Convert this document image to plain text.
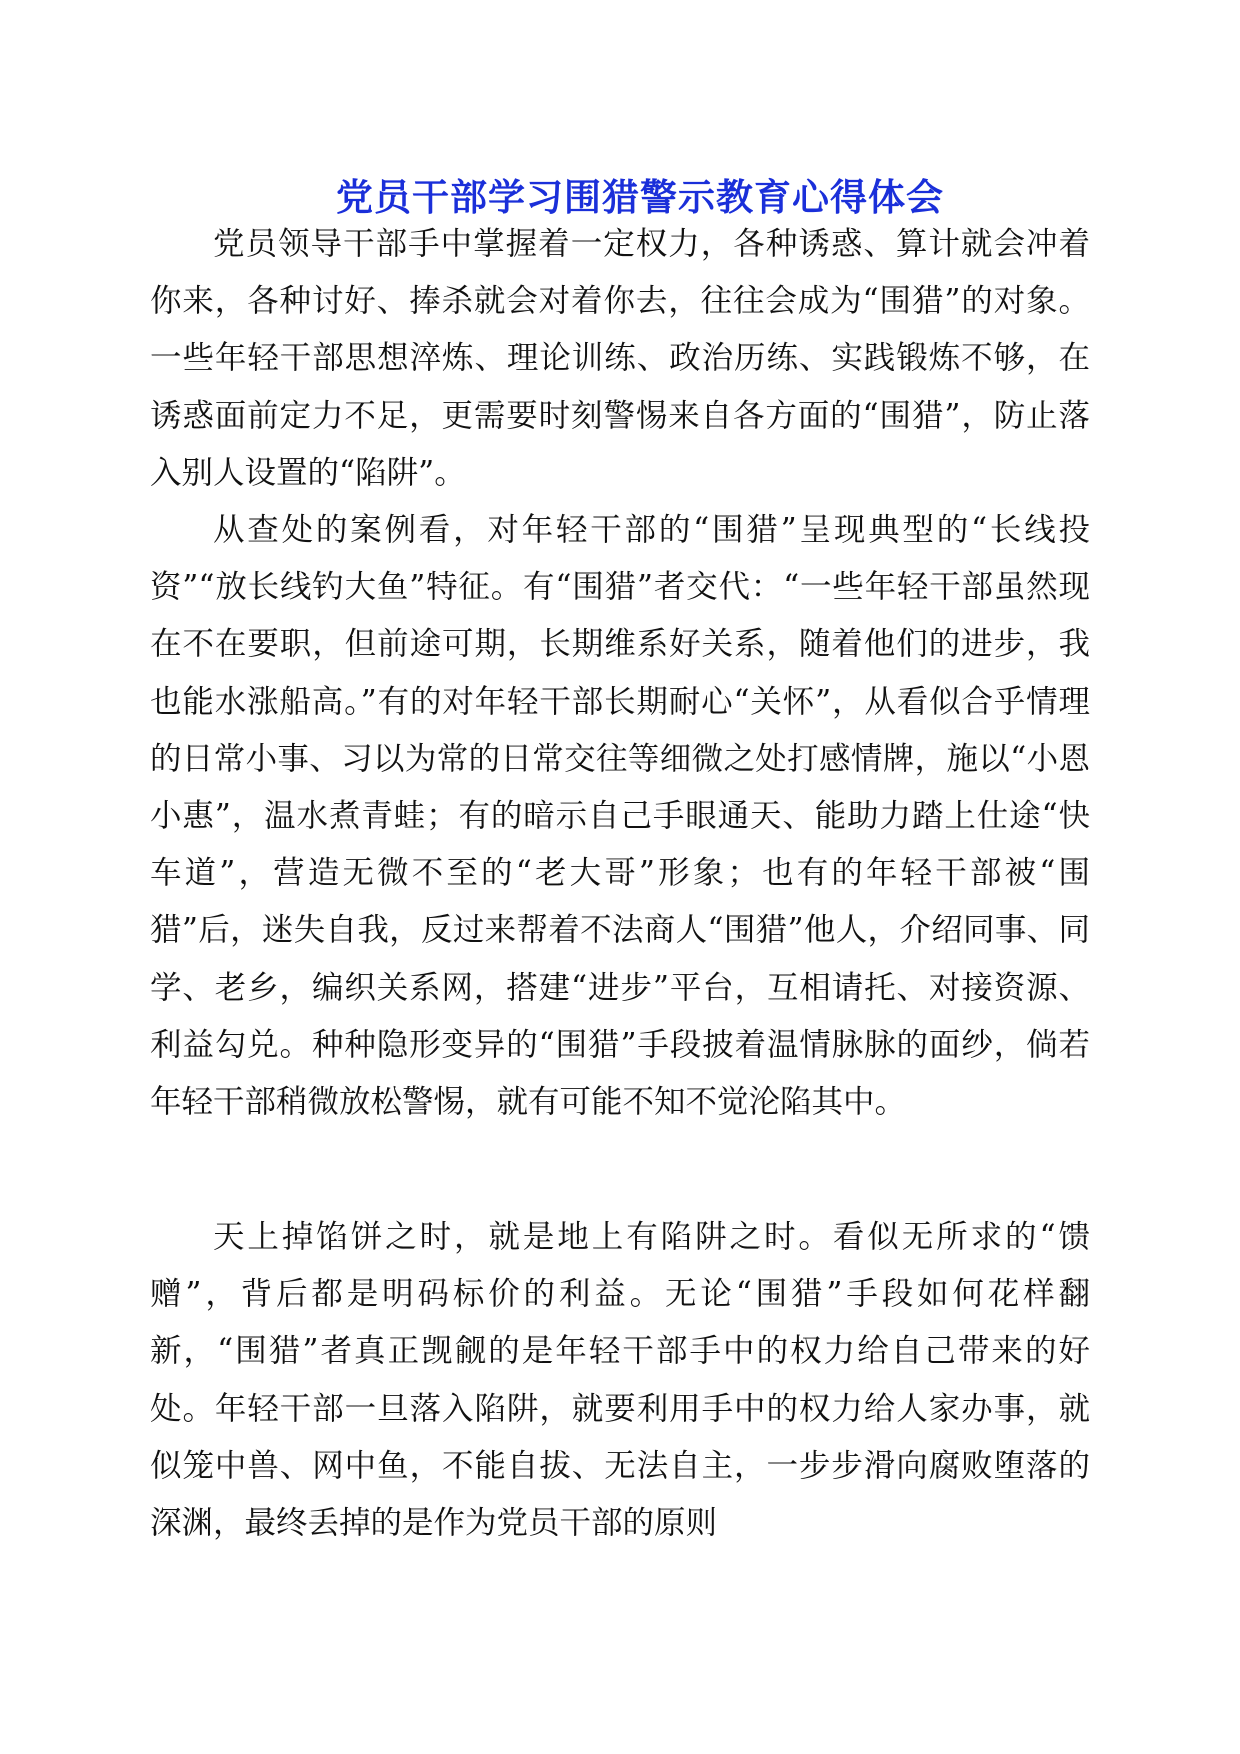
党员干部学习围猎警示教育心得体会

党员领导干部手中掌握着一定权力，各种诱惑、算计就会冲着你来，各种讨好、捧杀就会对着你去，往往会成为“围猎”的对象。一些年轻干部思想淬炼、理论训练、政治历练、实践锻炼不够，在诱惑面前定力不足，更需要时刻警惕来自各方面的“围猎”，防止落入别人设置的“陷阱”。

从查处的案例看，对年轻干部的“围猎”呈现典型的“长线投资”“放长线钓大鱼”特征。有“围猎”者交代：“一些年轻干部虽然现在不在要职，但前途可期，长期维系好关系，随着他们的进步，我也能水涨船高。”有的对年轻干部长期耐心“关怀”，从看似合乎情理的日常小事、习以为常的日常交往等细微之处打感情牌，施以“小恩小惠”，温水煮青蛙；有的暗示自己手眼通天、能助力踏上仕途“快车道”，营造无微不至的“老大哥”形象；也有的年轻干部被“围猎”后，迷失自我，反过来帮着不法商人“围猎”他人，介绍同事、同学、老乡，编织关系网，搭建“进步”平台，互相请托、对接资源、利益勾兑。种种隐形变异的“围猎”手段披着温情脉脉的面纱，倘若年轻干部稍微放松警惕，就有可能不知不觉沦陷其中。

天上掉馅饼之时，就是地上有陷阱之时。看似无所求的“馈赠”，背后都是明码标价的利益。无论“围猎”手段如何花样翻新，“围猎”者真正觊觎的是年轻干部手中的权力给自己带来的好处。年轻干部一旦落入陷阱，就要利用手中的权力给人家办事，就似笼中兽、网中鱼，不能自拔、无法自主，一步步滑向腐败堕落的深渊，最终丢掉的是作为党员干部的原则
